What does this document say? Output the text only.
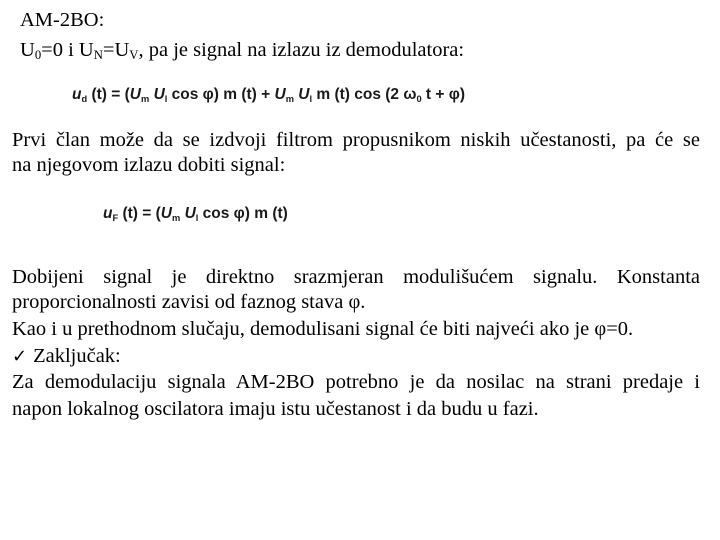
AM-2BO:
$U_0=0$ i $U_N=U_V$, pa je signal na izlazu iz demodulatora:
$u_d$ $(t) = (U_m$ $U_l$ cos φ) m $(t) + U_m$ $U_l$ m (t) cos (2 $\omega_0$ t + φ)
Prvi član može da se izdvoji filtrom propusnikom niskih učestanosti, pa će se
na njegovom izlazu dobiti signal:
$u_F$ $(t) = (U_m$ $U_l$ cos φ) m (t)
Dobijeni signal je direktno srazmjeran modulišućem signalu. Konstanta
proporcionalnosti zavisi od faznog stava φ.
Kao i u prethodnom slučaju, demodulisani signal će biti najveći ako je φ=0.
✓ Zaključak:
Za demodulaciju signala AM-2BO potrebno je da nosilac na strani predaje i
napon lokalnog oscilatora imaju istu učestanost i da budu u fazi.
